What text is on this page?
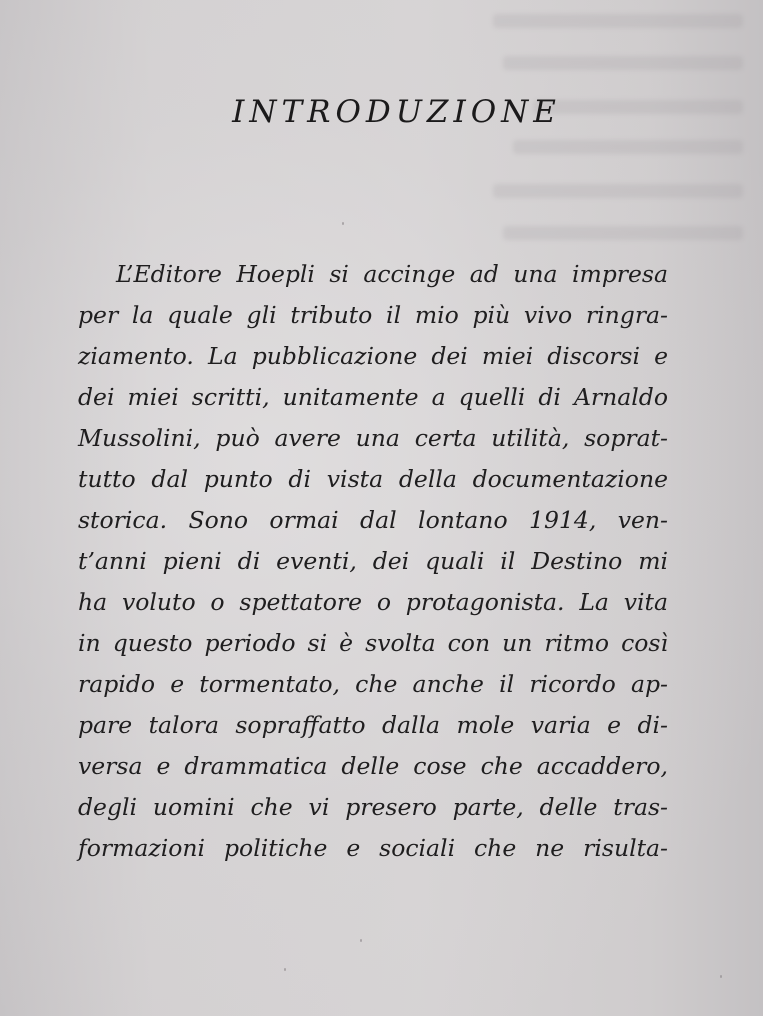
INTRODUZIONE
L’Editore Hoepli si accinge ad una impresa
per la quale gli tributo il mio più vivo ringra-
ziamento. La pubblicazione dei miei discorsi e
dei miei scritti, unitamente a quelli di Arnaldo
Mussolini, può avere una certa utilità, soprat-
tutto dal punto di vista della documentazione
storica. Sono ormai dal lontano 1914, ven-
t’anni pieni di eventi, dei quali il Destino mi
ha voluto o spettatore o protagonista. La vita
in questo periodo si è svolta con un ritmo così
rapido e tormentato, che anche il ricordo ap-
pare talora sopraffatto dalla mole varia e di-
versa e drammatica delle cose che accaddero,
degli uomini che vi presero parte, delle tras-
formazioni politiche e sociali che ne risulta-
